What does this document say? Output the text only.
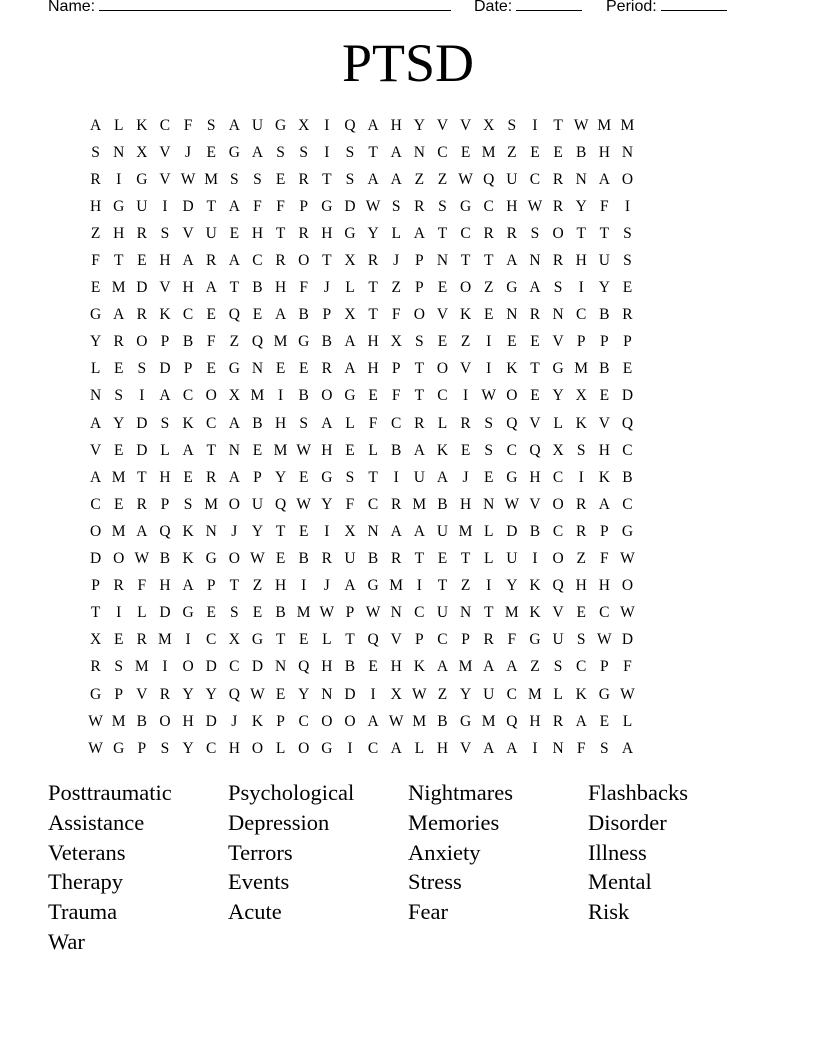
Name:	Date:	Period:
PTSD
A L K C F S A U G X I Q A H Y V V X S	I	T W M M
S N X V J E G A S S	I	S T A N C E M Z E E B H N
R I G V W M S S E R T S A A Z Z W Q U C R N A O
H G U I D T A F F P G D W S R S G C H W R Y F	I
Z H R S V U E H T R H G Y L A T C R R S O T T S
F T E H A R A C R O T X R J	P N T T A N R H U S
E M D V H A T B H F	J L T Z P E O Z G A S	I Y E
G A R K C E Q E A B P X T F O V K E N R N C B R
Y R O P B F Z Q M G B A H X S E Z	I	E E V P P P
L E S D P E G N E E R A H P T O V I K T G M B E
N S	I A C O X M I B O G E F T C I W O E Y X E D
A Y D S K C A B H S A L F C R L R S Q V L K V Q
V E D L A T N E M W H E L B A K E S C Q X S H C
A M T H E R A P Y E G S T	I U A J E G H C I K B
C E R P S M O U Q W Y F C R M B H N W V O R A C
O M A Q K N J Y T E	I X N A A U M L D B C R P G
D O W B K G O W E B R U B R T E T L U I O Z F W
P R F H A P T Z H I	J A G M I	T Z	I Y K Q H H O
T	I	L D G E S E B M W P W N C U N T M K V E C W
X E R M I C X G T E L T Q V P C P R F G U S W D
R S M I O D C D N Q H B E H K A M A A Z S C P F
G P V R Y Y Q W E Y N D I X W Z Y U C M L K G W
W M B O H D J K P C O O A W M B G M Q H R A E L
W G P S Y C H O L O G I C A L H V A A I N F S A
Posttraumatic	Psychological	Nightmares	Flashbacks
Assistance	Depression	Memories	Disorder
Veterans	Terrors	Anxiety	Illness
Therapy	Events	Stress	Mental
Trauma	Acute	Fear	Risk
War
